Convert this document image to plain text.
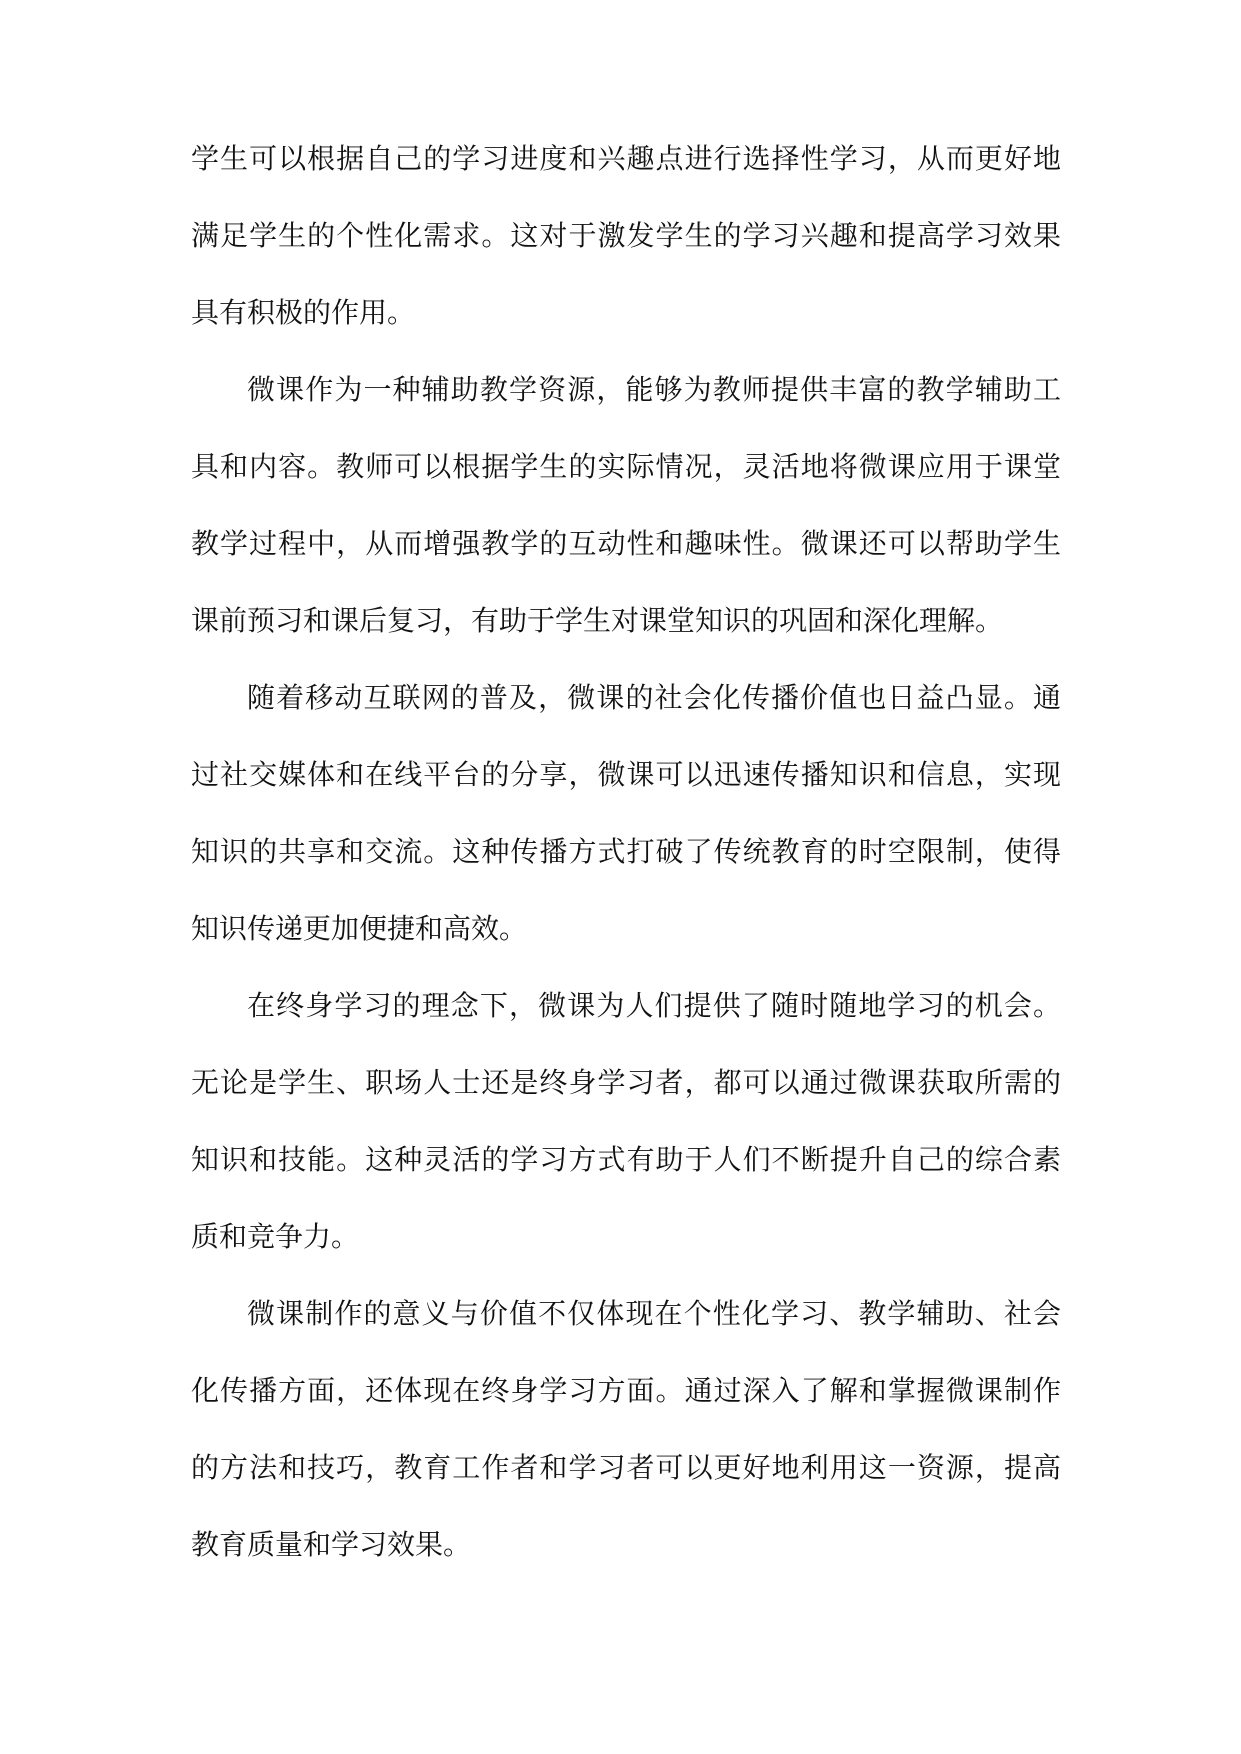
学生可以根据自己的学习进度和兴趣点进行选择性学习，从而更好地
满足学生的个性化需求。这对于激发学生的学习兴趣和提高学习效果
具有积极的作用。
微课作为一种辅助教学资源，能够为教师提供丰富的教学辅助工
具和内容。教师可以根据学生的实际情况，灵活地将微课应用于课堂
教学过程中，从而增强教学的互动性和趣味性。微课还可以帮助学生
课前预习和课后复习，有助于学生对课堂知识的巩固和深化理解。
随着移动互联网的普及，微课的社会化传播价值也日益凸显。通
过社交媒体和在线平台的分享，微课可以迅速传播知识和信息，实现
知识的共享和交流。这种传播方式打破了传统教育的时空限制，使得
知识传递更加便捷和高效。
在终身学习的理念下，微课为人们提供了随时随地学习的机会。
无论是学生、职场人士还是终身学习者，都可以通过微课获取所需的
知识和技能。这种灵活的学习方式有助于人们不断提升自己的综合素
质和竞争力。
微课制作的意义与价值不仅体现在个性化学习、教学辅助、社会
化传播方面，还体现在终身学习方面。通过深入了解和掌握微课制作
的方法和技巧，教育工作者和学习者可以更好地利用这一资源，提高
教育质量和学习效果。
